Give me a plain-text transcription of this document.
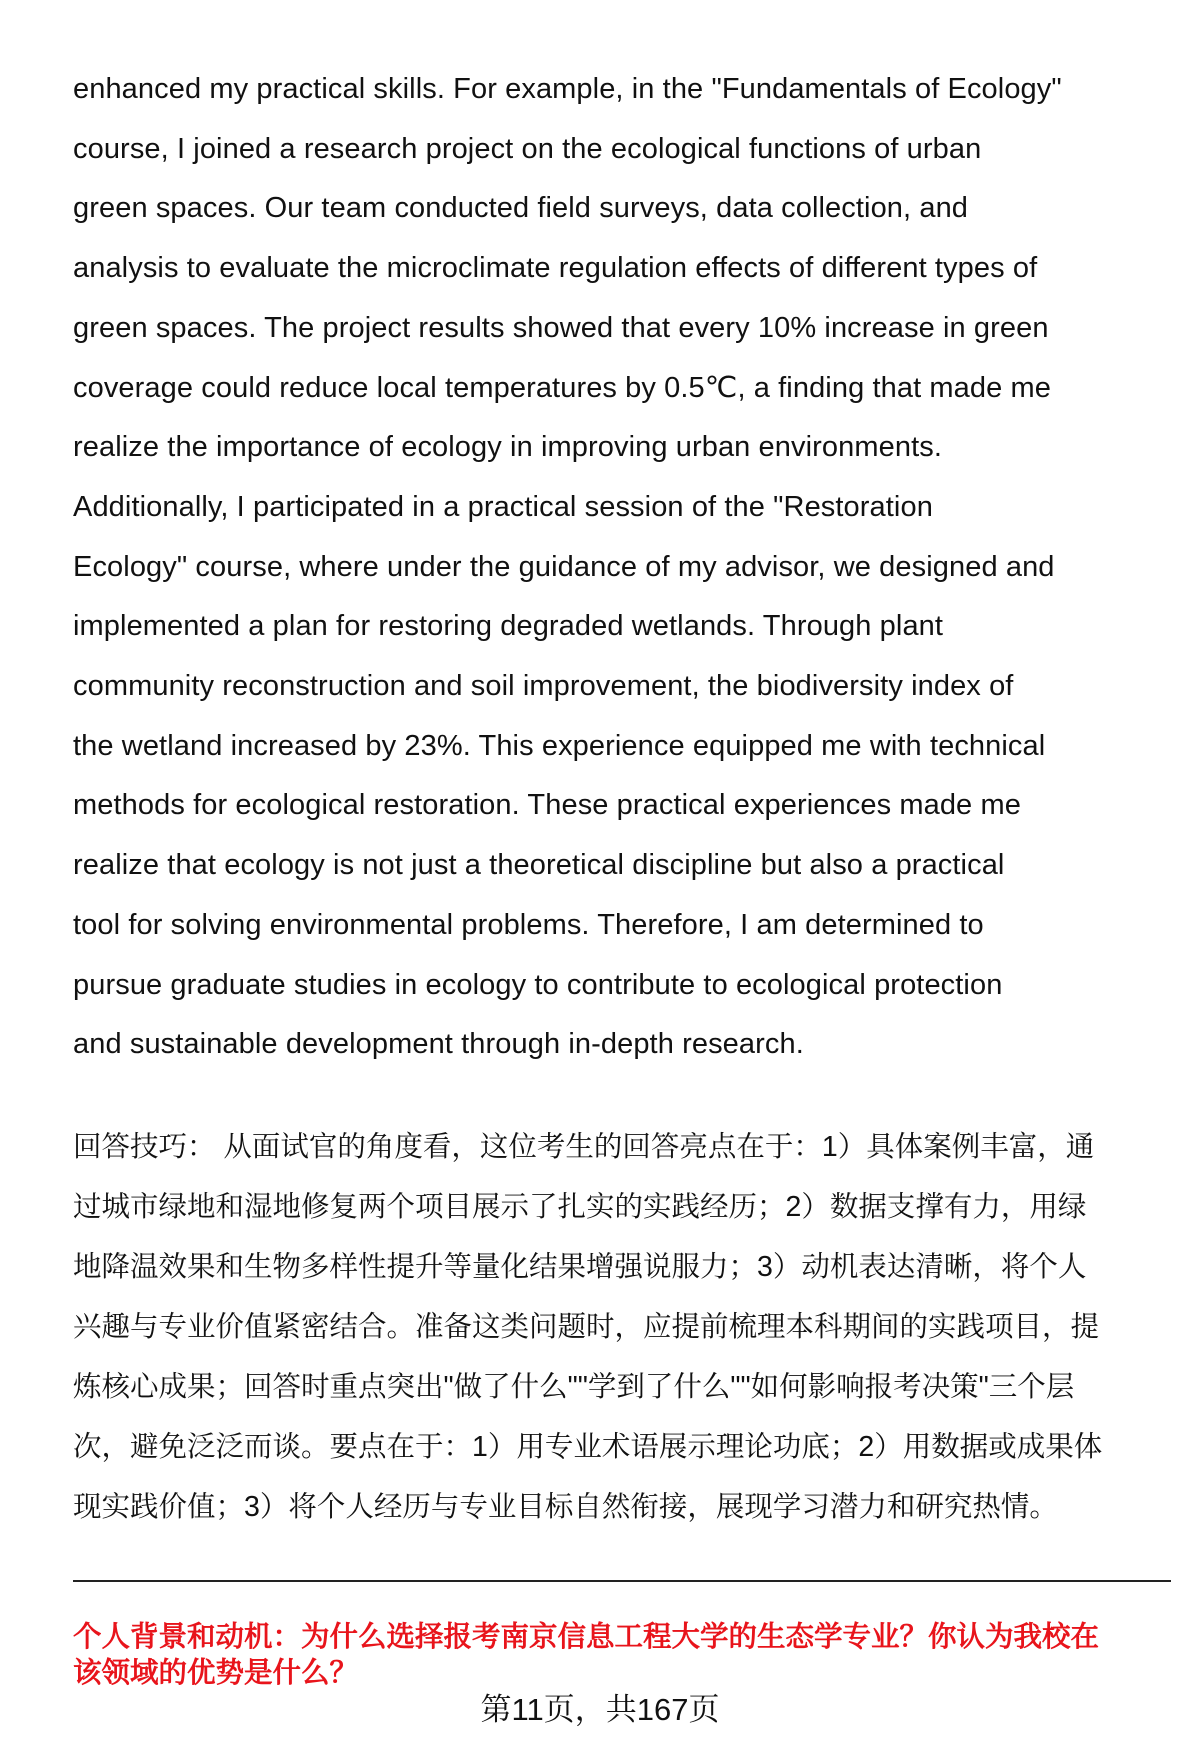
enhanced my practical skills. For example, in the "Fundamentals of Ecology"
course, I joined a research project on the ecological functions of urban
green spaces. Our team conducted field surveys, data collection, and
analysis to evaluate the microclimate regulation effects of different types of
green spaces. The project results showed that every 10% increase in green
coverage could reduce local temperatures by 0.5℃, a finding that made me
realize the importance of ecology in improving urban environments.
Additionally, I participated in a practical session of the "Restoration
Ecology" course, where under the guidance of my advisor, we designed and
implemented a plan for restoring degraded wetlands. Through plant
community reconstruction and soil improvement, the biodiversity index of
the wetland increased by 23%. This experience equipped me with technical
methods for ecological restoration. These practical experiences made me
realize that ecology is not just a theoretical discipline but also a practical
tool for solving environmental problems. Therefore, I am determined to
pursue graduate studies in ecology to contribute to ecological protection
and sustainable development through in-depth research.
回答技巧： 从面试官的角度看，这位考生的回答亮点在于：1）具体案例丰富，通
过城市绿地和湿地修复两个项目展示了扎实的实践经历；2）数据支撑有力，用绿
地降温效果和生物多样性提升等量化结果增强说服力；3）动机表达清晰，将个人
兴趣与专业价值紧密结合。准备这类问题时，应提前梳理本科期间的实践项目，提
炼核心成果；回答时重点突出"做了什么""学到了什么""如何影响报考决策"三个层
次，避免泛泛而谈。要点在于：1）用专业术语展示理论功底；2）用数据或成果体
现实践价值；3）将个人经历与专业目标自然衔接，展现学习潜力和研究热情。
个人背景和动机：为什么选择报考南京信息工程大学的生态学专业？你认为我校在
该领域的优势是什么？
第11页，共167页
